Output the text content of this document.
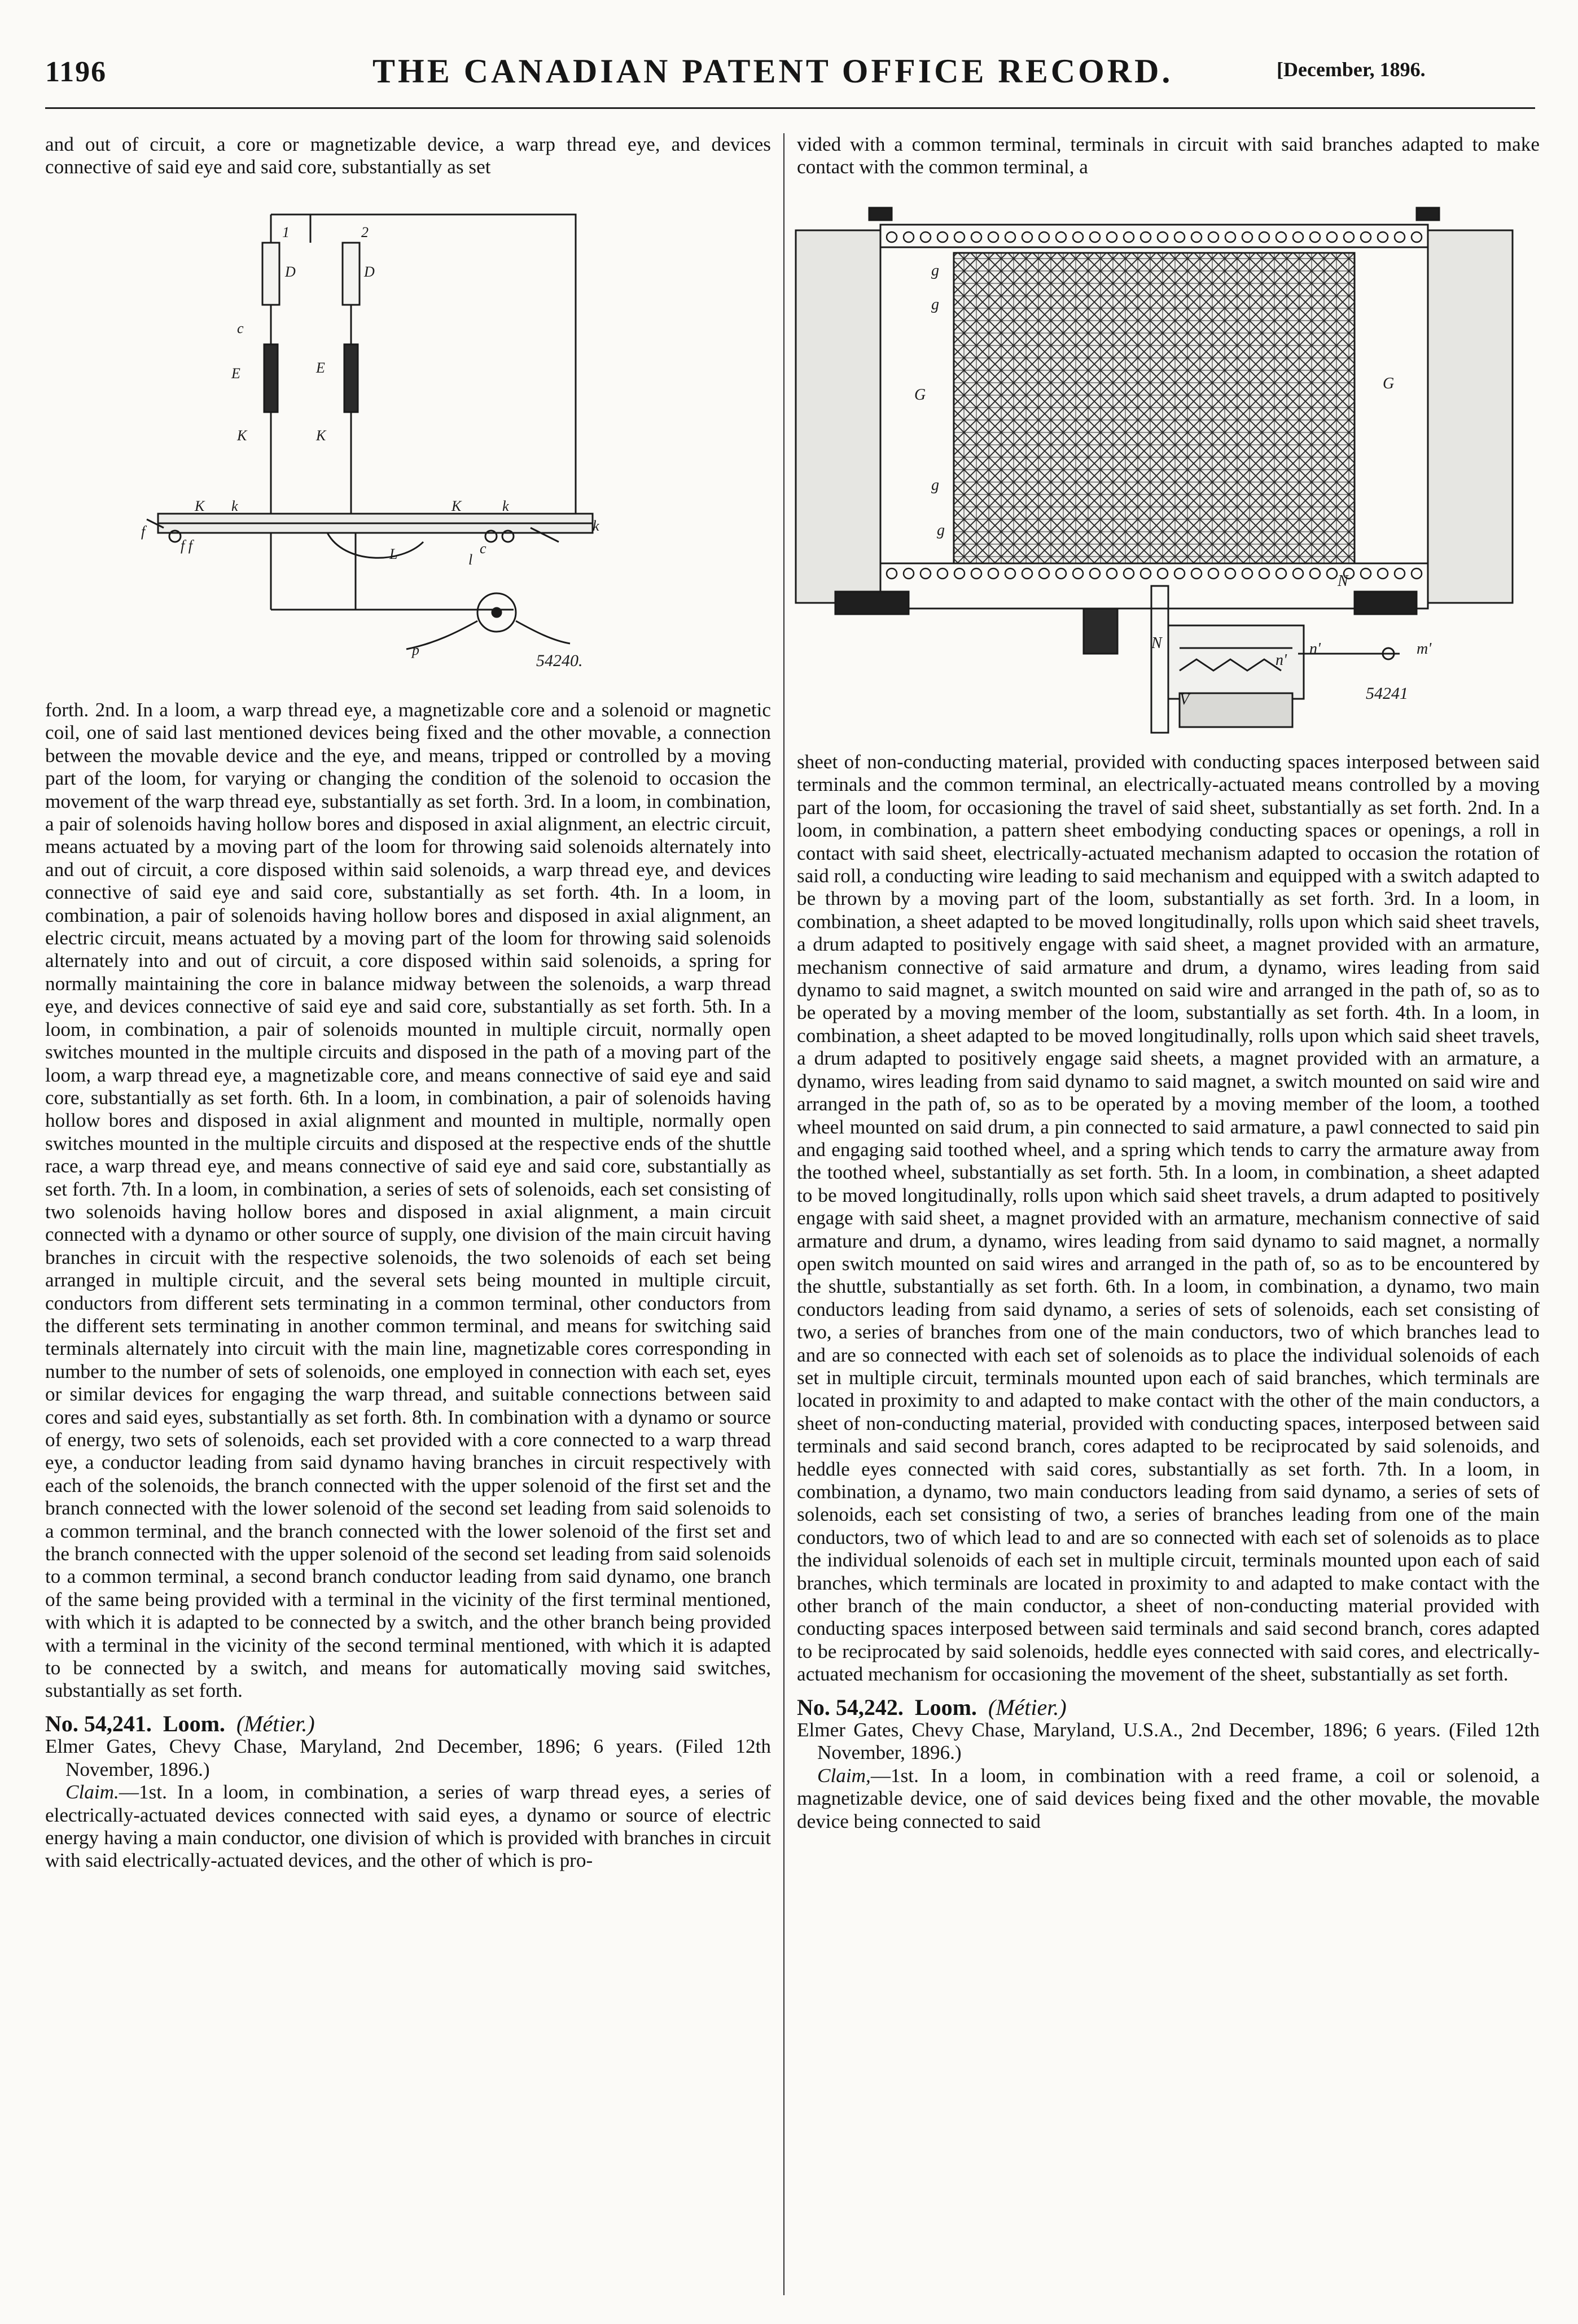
1196	THE CANADIAN PATENT OFFICE RECORD.	[December, 1896.

and out of circuit, a core or magnetizable device, a warp thread eye, and devices connective of said eye and said core, substantially as set

1	2
D	D
c
E	E
K	K
K k	K	k
k
f
f f	c
l
L
p
54240.

forth. 2nd. In a loom, a warp thread eye, a magnetizable core and a solenoid or magnetic coil, one of said last mentioned devices being fixed and the other movable, a connection between the movable device and the eye, and means, tripped or controlled by a moving part of the loom, for varying or changing the condition of the solenoid to occasion the movement of the warp thread eye, substantially as set forth. 3rd. In a loom, in combination, a pair of solenoids having hollow bores and disposed in axial alignment, an electric circuit, means actuated by a moving part of the loom for throwing said solenoids alternately into and out of circuit, a core disposed within said solenoids, a warp thread eye, and devices connective of said eye and said core, substantially as set forth. 4th. In a loom, in combination, a pair of solenoids having hollow bores and disposed in axial alignment, an electric circuit, means actuated by a moving part of the loom for throwing said solenoids alternately into and out of circuit, a core disposed within said solenoids, a spring for normally maintaining the core in balance midway between the solenoids, a warp thread eye, and devices connective of said eye and said core, substantially as set forth. 5th. In a loom, in combination, a pair of solenoids mounted in multiple circuit, normally open switches mounted in the multiple circuits and disposed in the path of a moving part of the loom, a warp thread eye, a magnetizable core, and means connective of said eye and said core, substantially as set forth. 6th. In a loom, in combination, a pair of solenoids having hollow bores and disposed in axial alignment and mounted in multiple, normally open switches mounted in the multiple circuits and disposed at the respective ends of the shuttle race, a warp thread eye, and means connective of said eye and said core, substantially as set forth. 7th. In a loom, in combination, a series of sets of solenoids, each set consisting of two solenoids having hollow bores and disposed in axial alignment, a main circuit connected with a dynamo or other source of supply, one division of the main circuit having branches in circuit with the respective solenoids, the two solenoids of each set being arranged in multiple circuit, and the several sets being mounted in multiple circuit, conductors from different sets terminating in a common terminal, other conductors from the different sets terminating in another common terminal, and means for switching said terminals alternately into circuit with the main line, magnetizable cores corresponding in number to the number of sets of solenoids, one employed in connection with each set, eyes or similar devices for engaging the warp thread, and suitable connections between said cores and said eyes, substantially as set forth. 8th. In combination with a dynamo or source of energy, two sets of solenoids, each set provided with a core connected to a warp thread eye, a conductor leading from said dynamo having branches in circuit respectively with each of the solenoids, the branch connected with the upper solenoid of the first set and the branch connected with the lower solenoid of the second set leading from said solenoids to a common terminal, and the branch connected with the lower solenoid of the first set and the branch connected with the upper solenoid of the second set leading from said solenoids to a common terminal, a second branch conductor leading from said dynamo, one branch of the same being provided with a terminal in the vicinity of the first terminal mentioned, with which it is adapted to be connected by a switch, and the other branch being provided with a terminal in the vicinity of the second terminal mentioned, with which it is adapted to be connected by a switch, and means for automatically moving said switches, substantially as set forth.

No. 54,241. Loom. (Métier.)

Elmer Gates, Chevy Chase, Maryland, 2nd December, 1896; 6 years. (Filed 12th November, 1896.)

Claim.—1st. In a loom, in combination, a series of warp thread eyes, a series of electrically-actuated devices connected with said eyes, a dynamo or source of electric energy having a main conductor, one division of which is provided with branches in circuit with said electrically-actuated devices, and the other of which is pro-

vided with a common terminal, terminals in circuit with said branches adapted to make contact with the common terminal, a

g
g
G
G
g
g
N
N
n'
n'	m'
V	54241

sheet of non-conducting material, provided with conducting spaces interposed between said terminals and the common terminal, an electrically-actuated means controlled by a moving part of the loom, for occasioning the travel of said sheet, substantially as set forth. 2nd. In a loom, in combination, a pattern sheet embodying conducting spaces or openings, a roll in contact with said sheet, electrically-actuated mechanism adapted to occasion the rotation of said roll, a conducting wire leading to said mechanism and equipped with a switch adapted to be thrown by a moving part of the loom, substantially as set forth. 3rd. In a loom, in combination, a sheet adapted to be moved longitudinally, rolls upon which said sheet travels, a drum adapted to positively engage with said sheet, a magnet provided with an armature, mechanism connective of said armature and drum, a dynamo, wires leading from said dynamo to said magnet, a switch mounted on said wire and arranged in the path of, so as to be operated by a moving member of the loom, substantially as set forth. 4th. In a loom, in combination, a sheet adapted to be moved longitudinally, rolls upon which said sheet travels, a drum adapted to positively engage said sheets, a magnet provided with an armature, a dynamo, wires leading from said dynamo to said magnet, a switch mounted on said wire and arranged in the path of, so as to be operated by a moving member of the loom, a toothed wheel mounted on said drum, a pin connected to said armature, a pawl connected to said pin and engaging said toothed wheel, and a spring which tends to carry the armature away from the toothed wheel, substantially as set forth. 5th. In a loom, in combination, a sheet adapted to be moved longitudinally, rolls upon which said sheet travels, a drum adapted to positively engage with said sheet, a magnet provided with an armature, mechanism connective of said armature and drum, a dynamo, wires leading from said dynamo to said magnet, a normally open switch mounted on said wires and arranged in the path of, so as to be encountered by the shuttle, substantially as set forth. 6th. In a loom, in combination, a dynamo, two main conductors leading from said dynamo, a series of sets of solenoids, each set consisting of two, a series of branches from one of the main conductors, two of which branches lead to and are so connected with each set of solenoids as to place the individual solenoids of each set in multiple circuit, terminals mounted upon each of said branches, which terminals are located in proximity to and adapted to make contact with the other of the main conductors, a sheet of non-conducting material, provided with conducting spaces, interposed between said terminals and said second branch, cores adapted to be reciprocated by said solenoids, and heddle eyes connected with said cores, substantially as set forth. 7th. In a loom, in combination, a dynamo, two main conductors leading from said dynamo, a series of sets of solenoids, each set consisting of two, a series of branches leading from one of the main conductors, two of which lead to and are so connected with each set of solenoids as to place the individual solenoids of each set in multiple circuit, terminals mounted upon each of said branches, which terminals are located in proximity to and adapted to make contact with the other branch of the main conductor, a sheet of non-conducting material provided with conducting spaces interposed between said terminals and said second branch, cores adapted to be reciprocated by said solenoids, heddle eyes connected with said cores, and electrically-actuated mechanism for occasioning the movement of the sheet, substantially as set forth.

No. 54,242. Loom. (Métier.)

Elmer Gates, Chevy Chase, Maryland, U.S.A., 2nd December, 1896; 6 years. (Filed 12th November, 1896.)

Claim,—1st. In a loom, in combination with a reed frame, a coil or solenoid, a magnetizable device, one of said devices being fixed and the other movable, the movable device being connected to said
